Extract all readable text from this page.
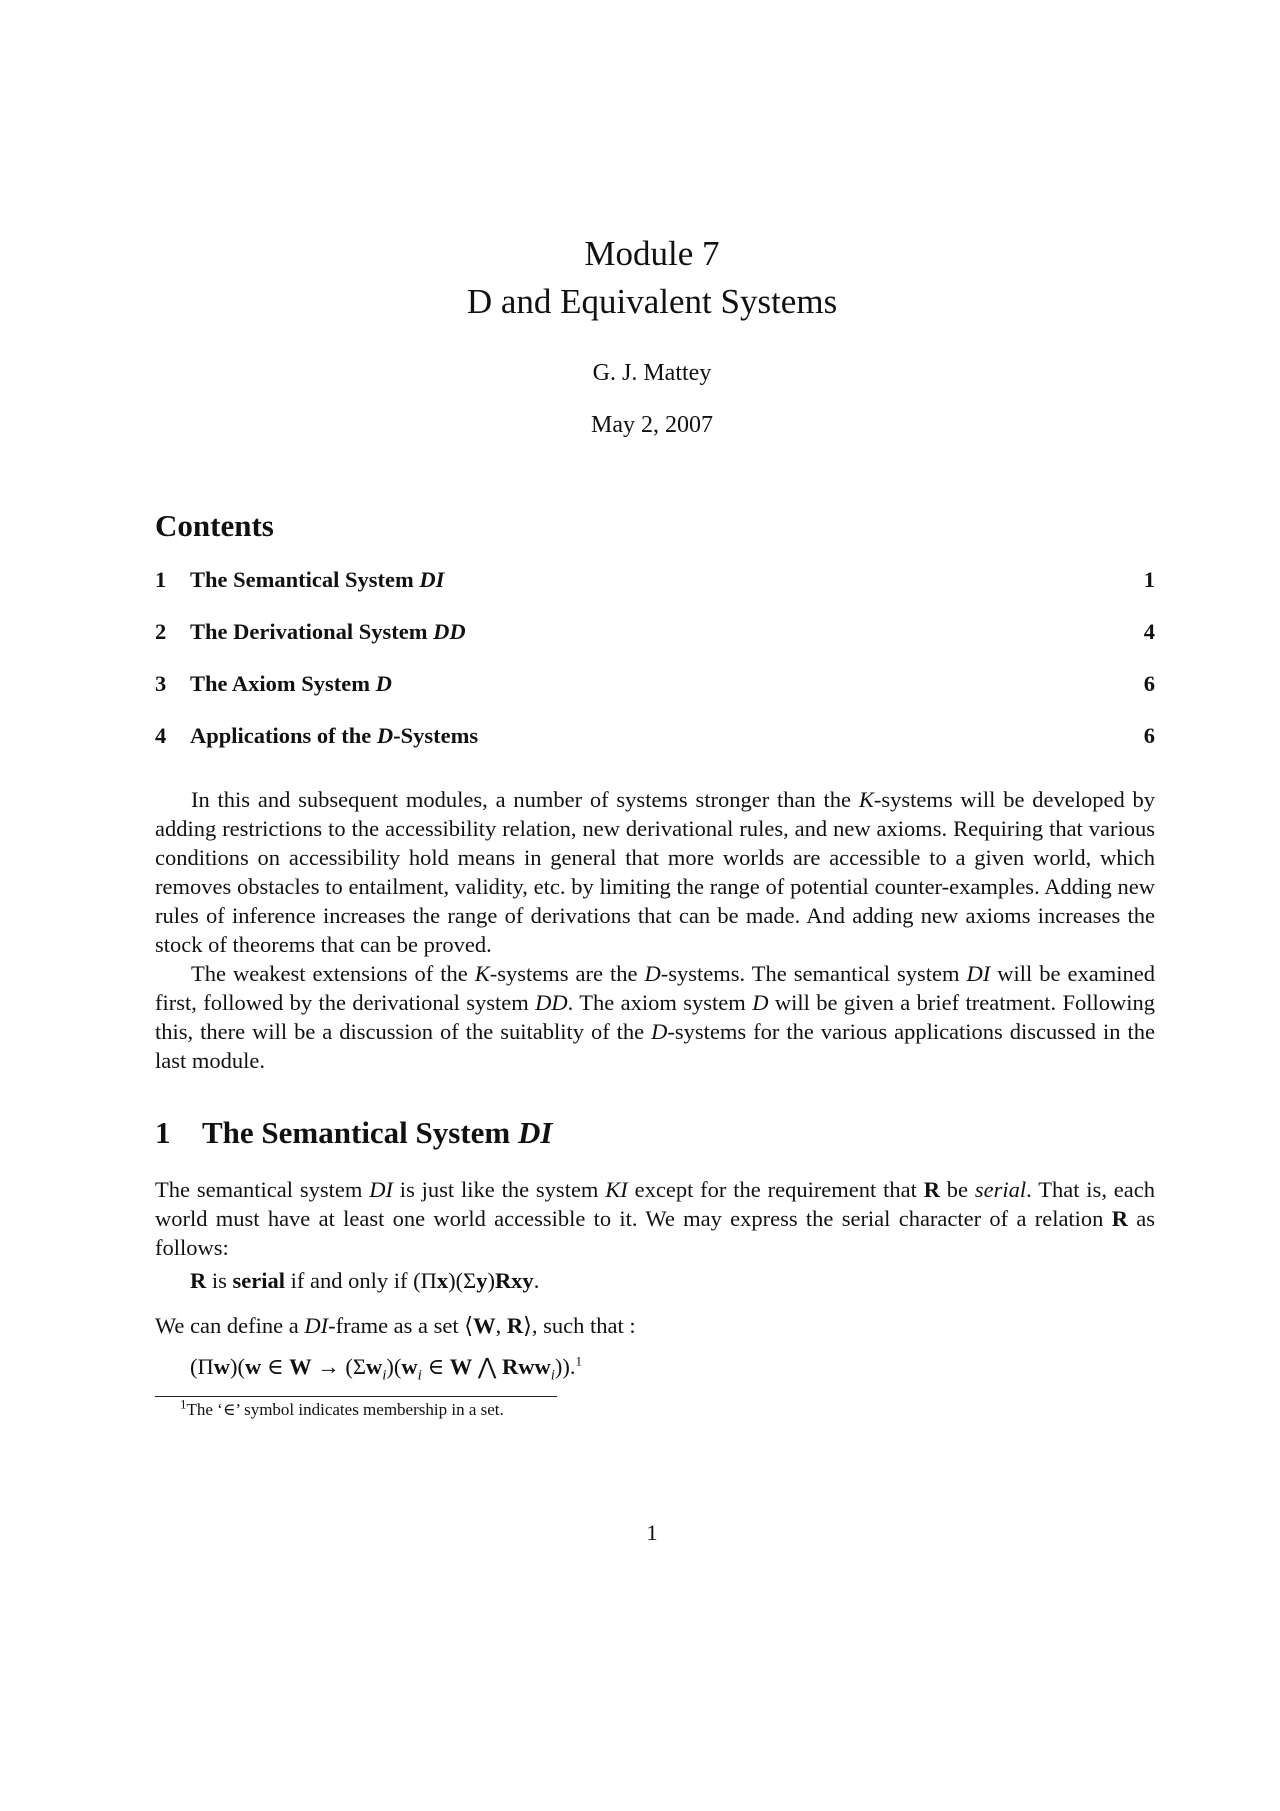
Module 7
D and Equivalent Systems
G. J. Mattey
May 2, 2007
Contents
1 The Semantical System DI	1
2 The Derivational System DD	4
3 The Axiom System D	6
4 Applications of the D-Systems	6
In this and subsequent modules, a number of systems stronger than the K-systems will be developed by adding restrictions to the accessibility relation, new derivational rules, and new axioms. Requiring that various conditions on accessibility hold means in general that more worlds are accessible to a given world, which removes obstacles to entailment, validity, etc. by limiting the range of potential counter-examples. Adding new rules of inference increases the range of derivations that can be made. And adding new axioms increases the stock of theorems that can be proved.
The weakest extensions of the K-systems are the D-systems. The semantical system DI will be examined first, followed by the derivational system DD. The axiom system D will be given a brief treatment. Following this, there will be a discussion of the suitablity of the D-systems for the various applications discussed in the last module.
1 The Semantical System DI
The semantical system DI is just like the system KI except for the requirement that R be serial. That is, each world must have at least one world accessible to it. We may express the serial character of a relation R as follows:
R is serial if and only if (Πx)(Σy)Rxy.
We can define a DI-frame as a set ⟨W, R⟩, such that :
(Πw)(w ∈ $W \to (\Sigma w_i)(w_i$ ∈ W ⋀ Rww$_i$)).$^1$
$^1$The ‘∈’ symbol indicates membership in a set.
1
